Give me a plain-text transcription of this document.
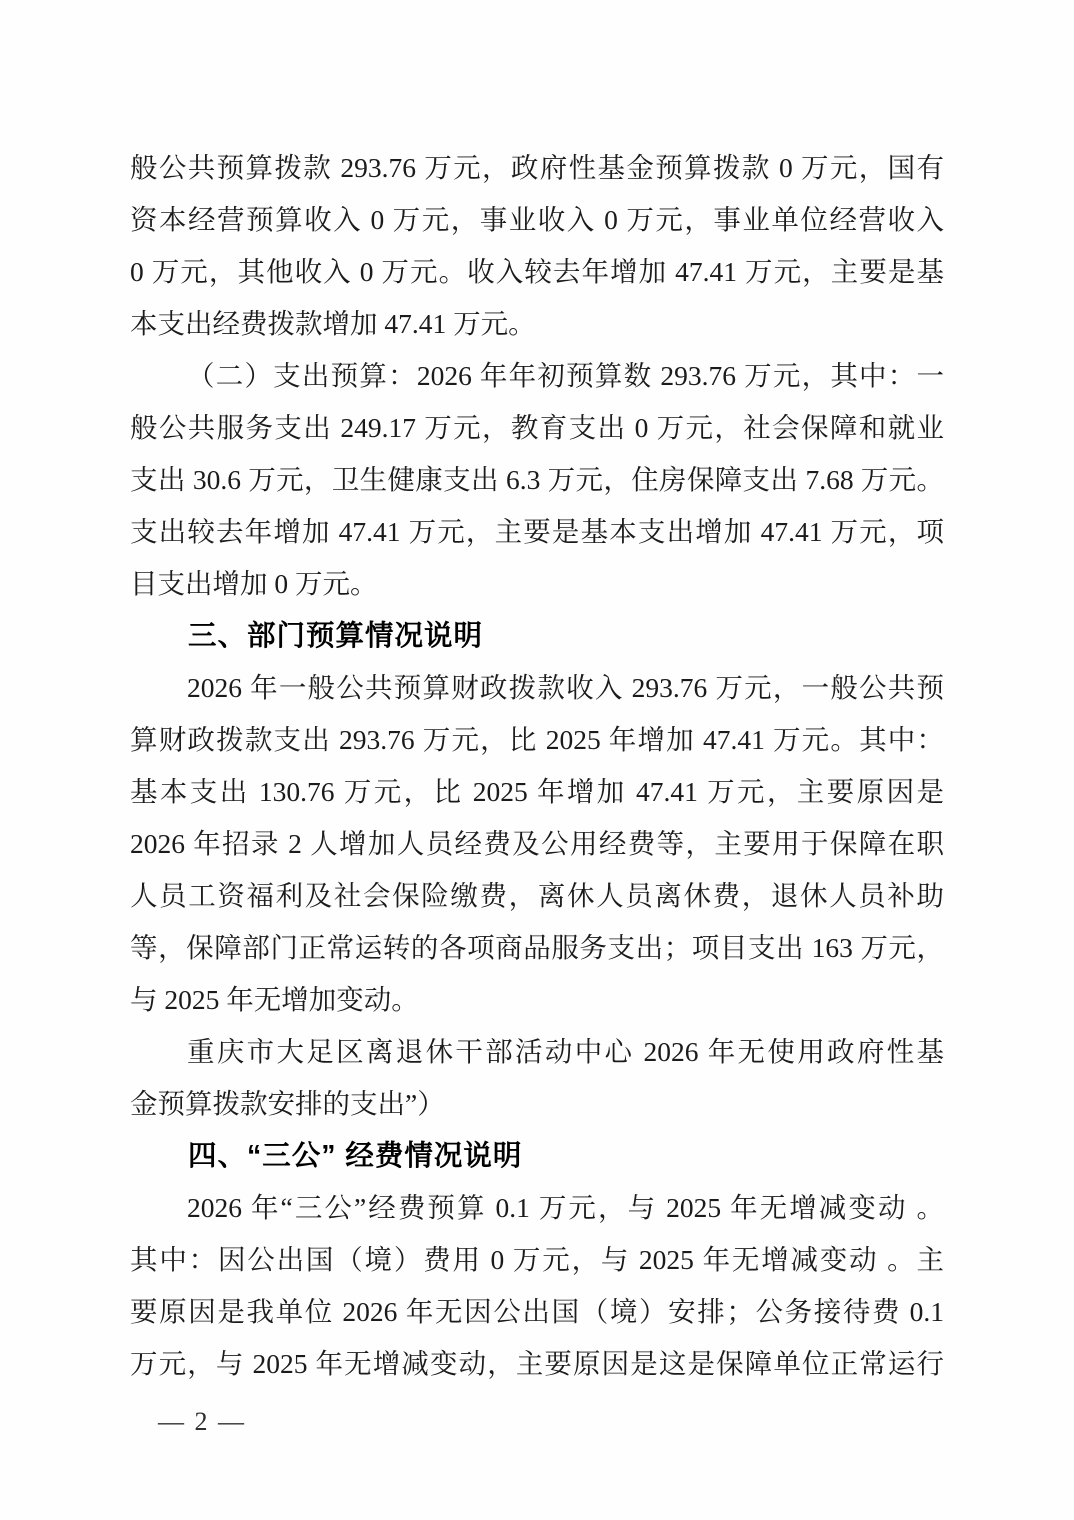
般公共预算拨款 293.76 万元，政府性基金预算拨款 0 万元，国有
资本经营预算收入 0 万元，事业收入 0 万元，事业单位经营收入
0 万元，其他收入 0 万元。收入较去年增加 47.41 万元，主要是基
本支出经费拨款增加 47.41 万元。
（二）支出预算：2026 年年初预算数 293.76 万元，其中：一
般公共服务支出 249.17 万元，教育支出 0 万元，社会保障和就业
支出 30.6 万元，卫生健康支出 6.3 万元，住房保障支出 7.68 万元。
支出较去年增加 47.41 万元，主要是基本支出增加 47.41 万元，项
目支出增加 0 万元。
三、部门预算情况说明
2026 年一般公共预算财政拨款收入 293.76 万元，一般公共预
算财政拨款支出 293.76 万元，比 2025 年增加 47.41 万元。其中：
基本支出 130.76 万元，比 2025 年增加 47.41 万元，主要原因是
2026 年招录 2 人增加人员经费及公用经费等，主要用于保障在职
人员工资福利及社会保险缴费，离休人员离休费，退休人员补助
等，保障部门正常运转的各项商品服务支出；项目支出 163 万元，
与 2025 年无增加变动。
重庆市大足区离退休干部活动中心 2026 年无使用政府性基
金预算拨款安排的支出”）
四、“三公” 经费情况说明
2026 年“三公”经费预算 0.1 万元，与 2025 年无增减变动 。
其中：因公出国（境）费用 0 万元，与 2025 年无增减变动 。主
要原因是我单位 2026 年无因公出国（境）安排；公务接待费 0.1
万元，与 2025 年无增减变动，主要原因是这是保障单位正常运行
— 2 —
